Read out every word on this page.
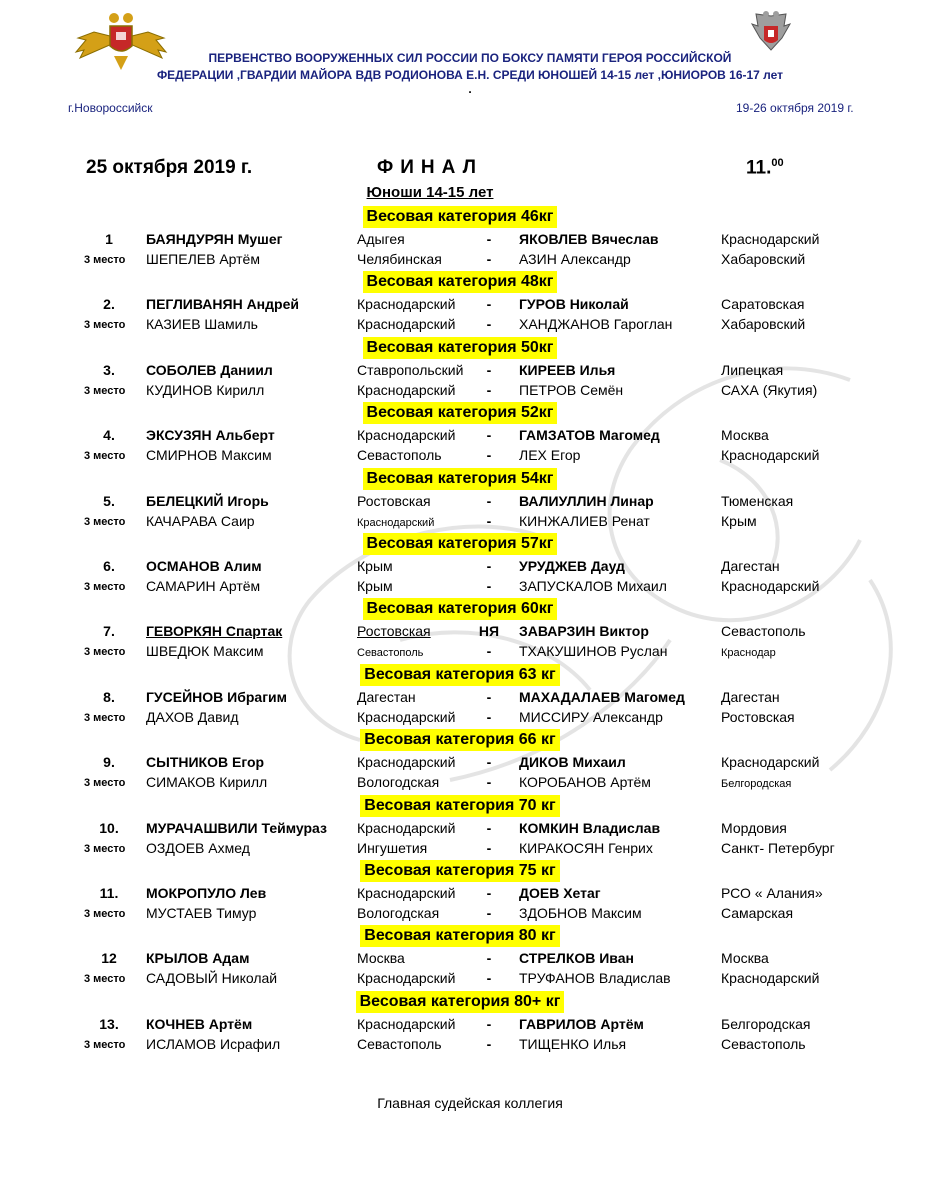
ПЕРВЕНСТВО ВООРУЖЕННЫХ СИЛ РОССИИ ПО БОКСУ ПАМЯТИ ГЕРОЯ РОССИЙСКОЙ
ФЕДЕРАЦИИ ,ГВАРДИИ МАЙОРА ВДВ РОДИОНОВА Е.Н. СРЕДИ ЮНОШЕЙ 14-15 лет ,ЮНИОРОВ 16-17 лет
.
г.Новороссийск	19-26 октября 2019 г.
25 октября 2019 г.	ФИНАЛ	11.00
Юноши 14-15 лет
Весовая категория 46кг
1	БАЯНДУРЯН Мушег	Адыгея	-	ЯКОВЛЕВ Вячеслав	Краснодарский
3 место ШЕПЕЛЕВ Артём	Челябинская	-	АЗИН Александр	Хабаровский
Весовая категория 48кг
2.	ПЕГЛИВАНЯН Андрей	Краснодарский	-	ГУРОВ Николай	Саратовская
3 место КАЗИЕВ Шамиль	Краснодарский	-	ХАНДЖАНОВ Гароглан	Хабаровский
Весовая категория 50кг
3.	СОБОЛЕВ Даниил	Ставропольский	-	КИРЕЕВ Илья	Липецкая
3 место КУДИНОВ Кирилл	Краснодарский	-	ПЕТРОВ Семён	САХА (Якутия)
Весовая категория 52кг
4.	ЭКСУЗЯН Альберт	Краснодарский	-	ГАМЗАТОВ Магомед	Москва
3 место СМИРНОВ Максим	Севастополь	-	ЛЕХ Егор	Краснодарский
Весовая категория 54кг
5.	БЕЛЕЦКИЙ Игорь	Ростовская	-	ВАЛИУЛЛИН Линар	Тюменская
3 место КАЧАРАВА Саир	Краснодарский	-	КИНЖАЛИЕВ Ренат	Крым
Весовая категория 57кг
6.	ОСМАНОВ Алим	Крым	-	УРУДЖЕВ Дауд	Дагестан
3 место САМАРИН Артём	Крым	-	ЗАПУСКАЛОВ Михаил	Краснодарский
Весовая категория 60кг
7.	ГЕВОРКЯН Спартак	Ростовская	НЯ	ЗАВАРЗИН Виктор	Севастополь
3 место ШВЕДЮК Максим	Севастополь	-	ТХАКУШИНОВ Руслан	Краснодар
Весовая категория 63 кг
8.	ГУСЕЙНОВ Ибрагим	Дагестан	-	МАХАДАЛАЕВ Магомед	Дагестан
3 место ДАХОВ Давид	Краснодарский	-	МИССИРУ Александр	Ростовская
Весовая категория 66 кг
9.	СЫТНИКОВ Егор	Краснодарский	-	ДИКОВ Михаил	Краснодарский
3 место СИМАКОВ Кирилл	Вологодская	-	КОРОБАНОВ Артём	Белгородская
Весовая категория 70 кг
10.	МУРАЧАШВИЛИ Теймураз Краснодарский	-	КОМКИН Владислав	Мордовия
3 место ОЗДОЕВ Ахмед	Ингушетия	-	КИРАКОСЯН Генрих	Санкт- Петербург
Весовая категория 75 кг
11.	МОКРОПУЛО Лев	Краснодарский	-	ДОЕВ Хетаг	РСО « Алания»
3 место МУСТАЕВ Тимур	Вологодская	-	ЗДОБНОВ Максим	Самарская
Весовая категория 80 кг
12	КРЫЛОВ Адам	Москва	-	СТРЕЛКОВ Иван	Москва
3 место САДОВЫЙ Николай	Краснодарский	-	ТРУФАНОВ Владислав	Краснодарский
Весовая категория 80+ кг
13.	КОЧНЕВ Артём	Краснодарский	-	ГАВРИЛОВ Артём	Белгородская
3 место ИСЛАМОВ Исрафил	Севастополь	-	ТИЩЕНКО Илья	Севастополь
Главная судейская коллегия
